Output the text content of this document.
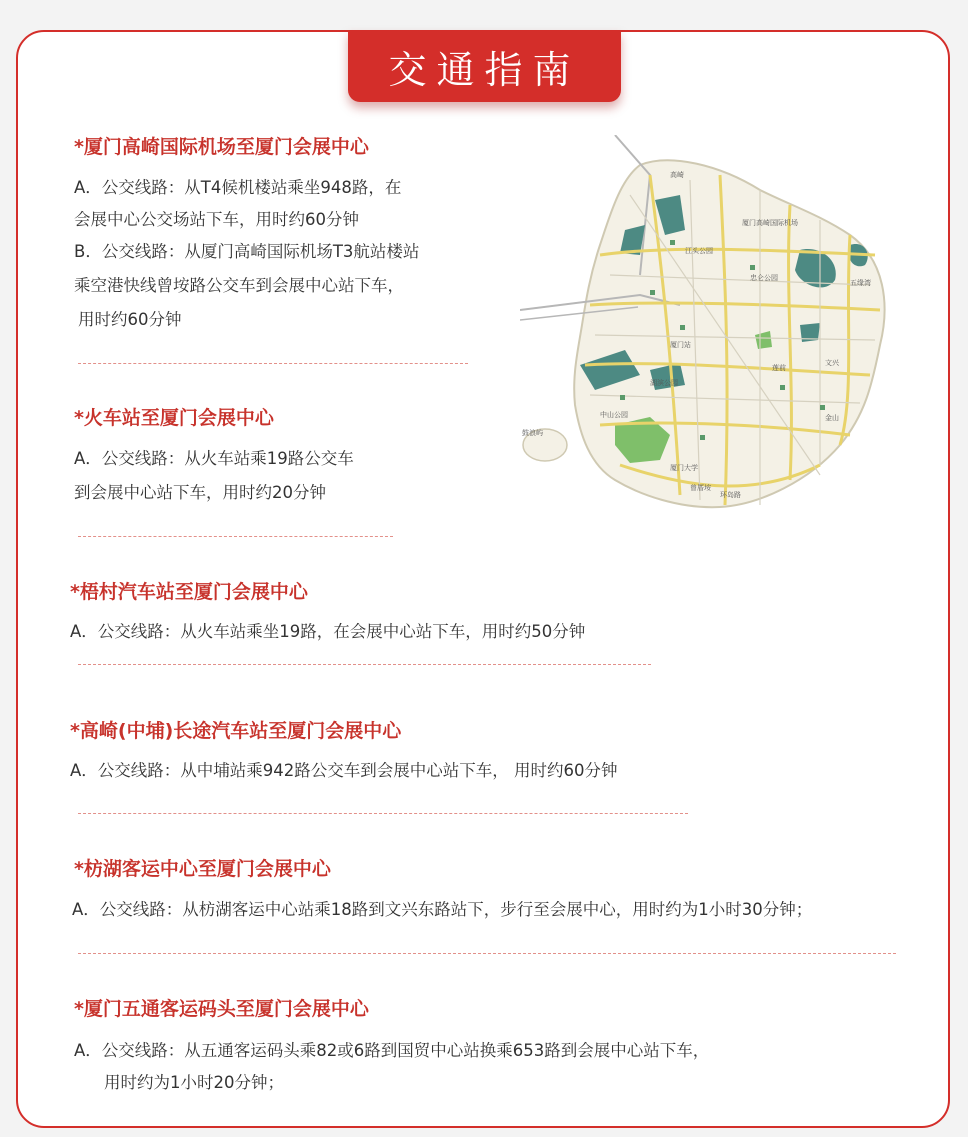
交通指南
*厦门高崎国际机场至厦门会展中心
A．公交线路：从T4候机楼站乘坐948路，在
会展中心公交场站下车，用时约60分钟
B．公交线路：从厦门高崎国际机场T3航站楼站
乘空港快线曾垵路公交车到会展中心站下车，
用时约60分钟
*火车站至厦门会展中心
A．公交线路：从火车站乘19路公交车
到会展中心站下车，用时约20分钟
*梧村汽车站至厦门会展中心
A．公交线路：从火车站乘坐19路，在会展中心站下车，用时约50分钟
*高崎(中埔)长途汽车站至厦门会展中心
A．公交线路：从中埔站乘942路公交车到会展中心站下车， 用时约60分钟
*枋湖客运中心至厦门会展中心
A．公交线路：从枋湖客运中心站乘18路到文兴东路站下，步行至会展中心，用时约为1小时30分钟；
*厦门五通客运码头至厦门会展中心
A．公交线路：从五通客运码头乘82或6路到国贸中心站换乘653路到会展中心站下车，
用时约为1小时20分钟；
高崎
厦门高崎国际机场
江头公园
厦门站
忠仑公园
湖滨公园
中山公园	金山
莲前
文兴
五缘湾
厦门大学
环岛路
曾厝垵
鼓浪屿
